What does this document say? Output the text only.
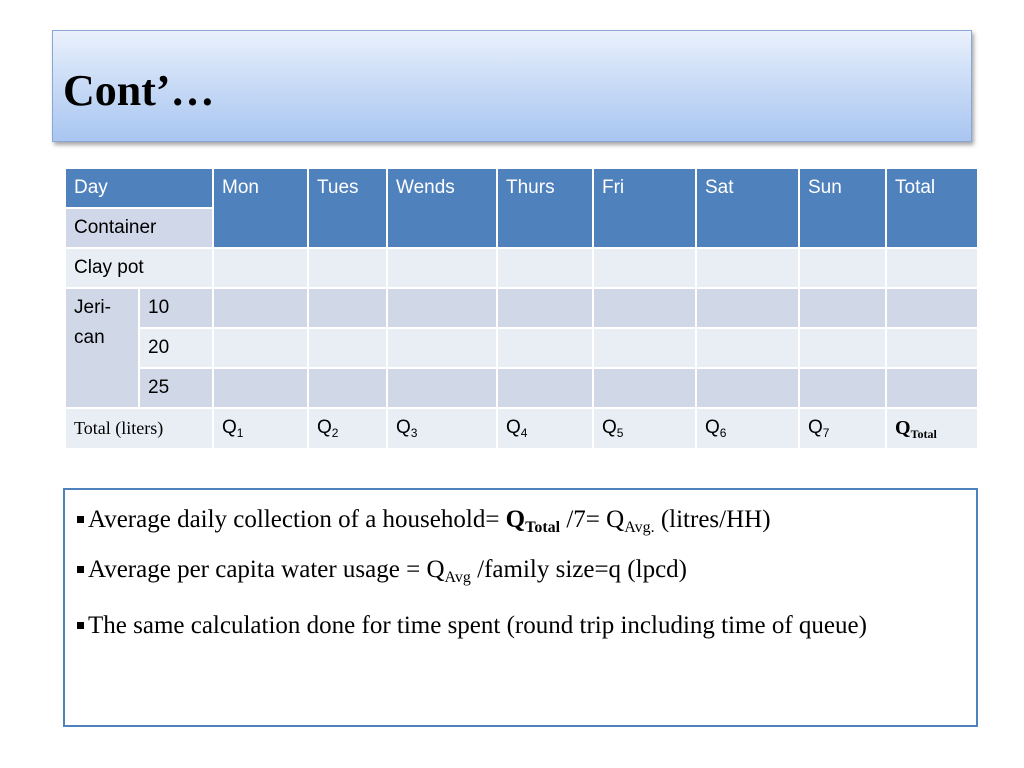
Cont’…
Day		Mon	Tues	Wends	Thurs	Fri	Sat	Sun	Total
Container									
Clay pot									
Jeri- can	10								
	20								
	25								
Total (liters)		$Q_1$	$Q_2$	$Q_3$	$Q_4$	$Q_5$	$Q_6$	$Q_7$	$Q_{Total}$

Average daily collection of a household= $Q_{Total}$ $/7= Q_{Avg.}$ (litres/HH)

Average per capita water usage = $Q_{Avg}$ /family size=q (lpcd)

The same calculation done for time spent (round trip including time of queue)
